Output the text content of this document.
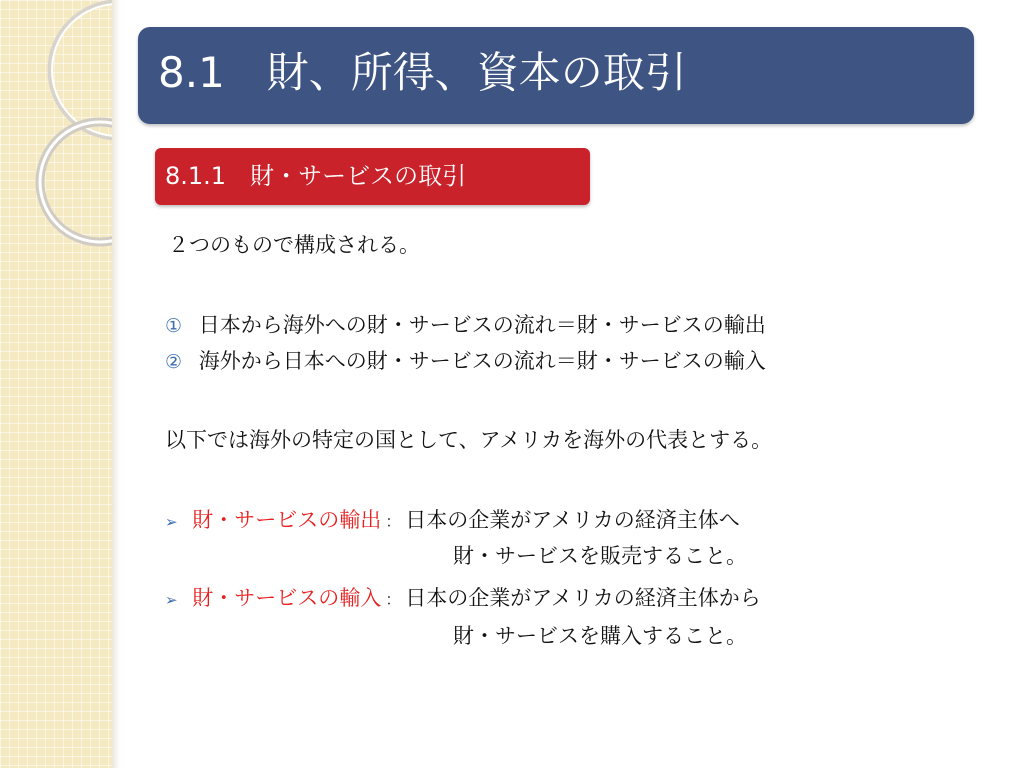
8.1　財、所得、資本の取引
8.1.1　財・サービスの取引
２つのもので構成される。
① 日本から海外への財・サービスの流れ＝財・サービスの輸出
② 海外から日本への財・サービスの流れ＝財・サービスの輸入
以下では海外の特定の国として、アメリカを海外の代表とする。
➢ 財・サービスの輸出 ： 日本の企業がアメリカの経済主体へ
財・サービスを販売すること。
➢ 財・サービスの輸入 ： 日本の企業がアメリカの経済主体から
財・サービスを購入すること。
